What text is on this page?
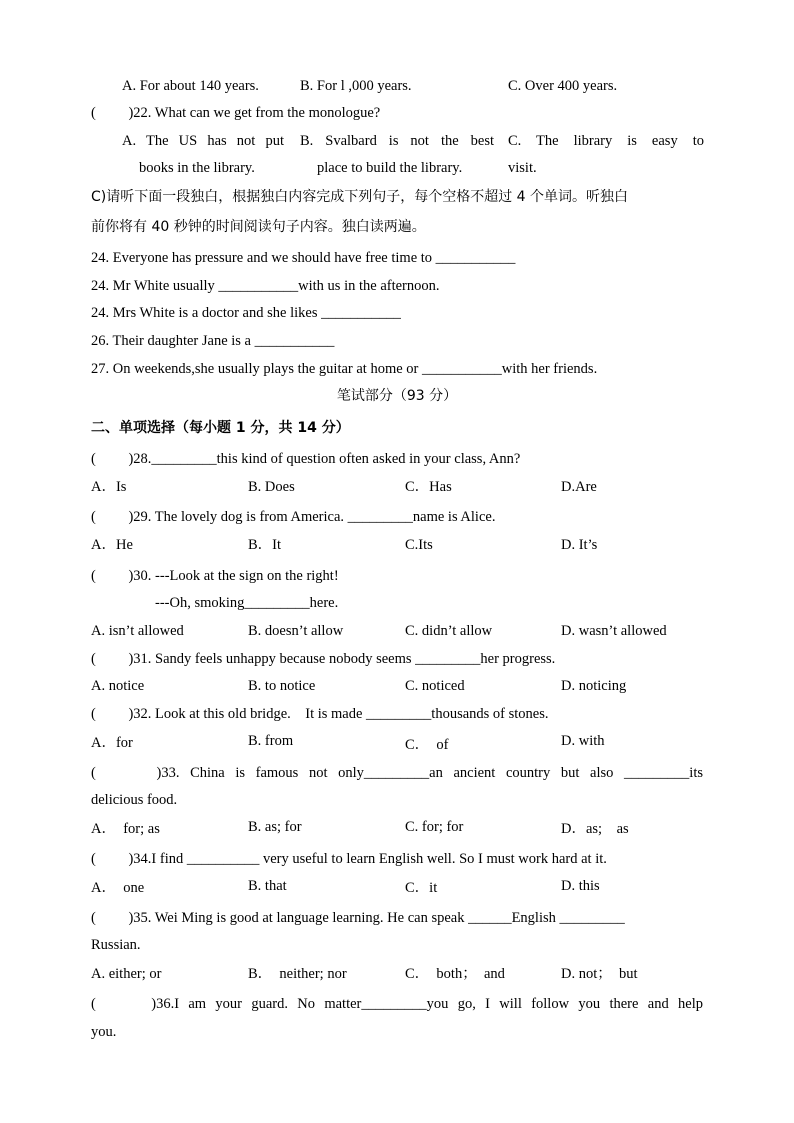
A. For about 140 years.	B. For l ,000 years.	C. Over 400 years.
(　　 )22. What can we get from the monologue?
A. The US has not put
books in the library.
B. Svalbard is not the best
place to build the library.
C. The library is easy to
visit.
C)请听下面一段独白，根据独白内容完成下列句子，每个空格不超过 4 个单词。听独白
前你将有 40 秒钟的时间阅读句子内容。独白读两遍。
24. Everyone has pressure and we should have free time to ___________
24. Mr White usually ___________with us in the afternoon.
24. Mrs White is a doctor and she likes ___________
26. Their daughter Jane is a ___________
27. On weekends,she usually plays the guitar at home or ___________with her friends.
笔试部分（93 分）
二、单项选择（每小题 1 分，共 14 分）
(　　 )28._________this kind of question often asked in your class, Ann?
A．Is	B. Does	C．Has	D.Are
(　　 )29. The lovely dog is from America. _________name is Alice.
A．He	B．It	C.Its	D. It’s
(　　 )30. ---Look at the sign on the right!
---Oh, smoking_________here.
A. isn’t allowed	B. doesn’t allow	C. didn’t allow	D. wasn’t allowed
(　　 )31. Sandy feels unhappy because nobody seems _________her progress.
A. notice	B. to notice	C. noticed	D. noticing
(　　 )32. Look at this old bridge.　It is made _________thousands of stones.
A．for	B. from	C．　of	D. with
(　　 )33. China is famous not only_________an ancient country but also _________its
delicious food.
A．　for; as	B. as; for	C. for; for	D．as;　as
(　　 )34.I find __________ very useful to learn English well. So I must work hard at it.
A．　one	B. that	C．it	D. this
(　　 )35. Wei Ming is good at language learning. He can speak ______English _________
Russian.
A. either; or	B．　neither; nor	C．　both；　and	D. not；　but
(　　 )36.I am your guard. No matter_________you go, I will follow you there and help
you.
